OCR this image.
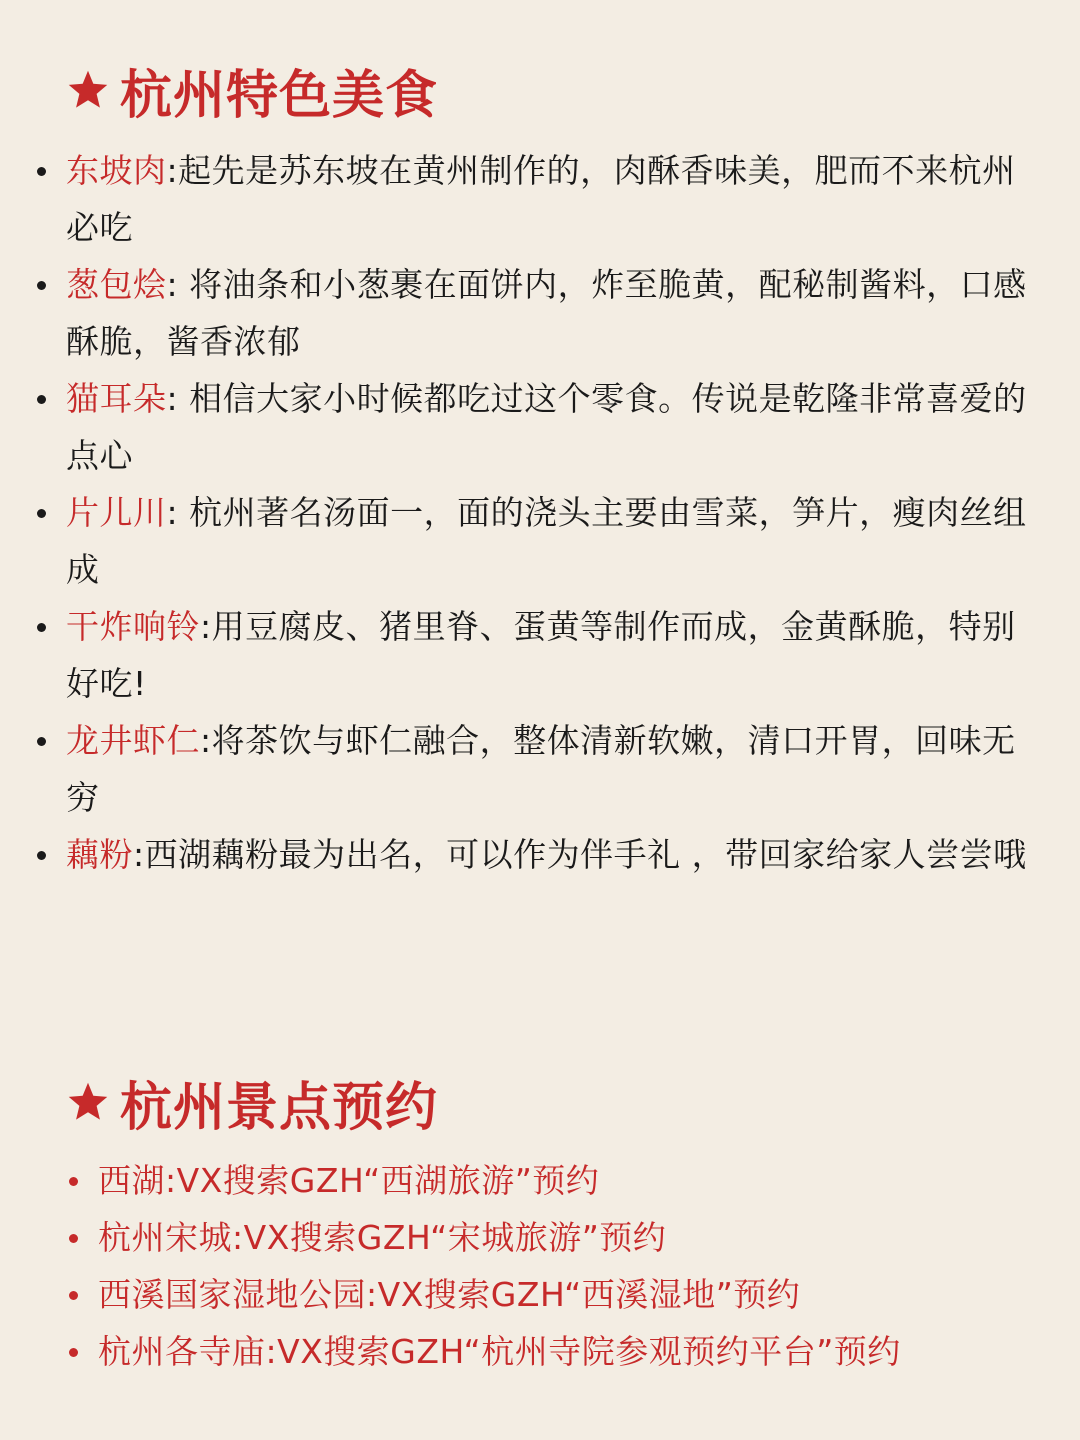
杭州特色美食
东坡肉:起先是苏东坡在黄州制作的，肉酥香味美，肥而不来杭州必吃
葱包烩: 将油条和小葱裹在面饼内，炸至脆黄，配秘制酱料，口感酥脆，酱香浓郁
猫耳朵: 相信大家小时候都吃过这个零食。传说是乾隆非常喜爱的点心
片儿川: 杭州著名汤面一，面的浇头主要由雪菜，笋片，瘦肉丝组成
干炸响铃:用豆腐皮、猪里脊、蛋黄等制作而成，金黄酥脆，特别好吃!
龙井虾仁:将茶饮与虾仁融合，整体清新软嫩，清口开胃，回味无穷
藕粉:西湖藕粉最为出名，可以作为伴手礼 ，带回家给家人尝尝哦
杭州景点预约
西湖:VX搜索GZH“西湖旅游”预约
杭州宋城:VX搜索GZH“宋城旅游”预约
西溪国家湿地公园:VX搜索GZH“西溪湿地”预约
杭州各寺庙:VX搜索GZH“杭州寺院参观预约平台”预约
